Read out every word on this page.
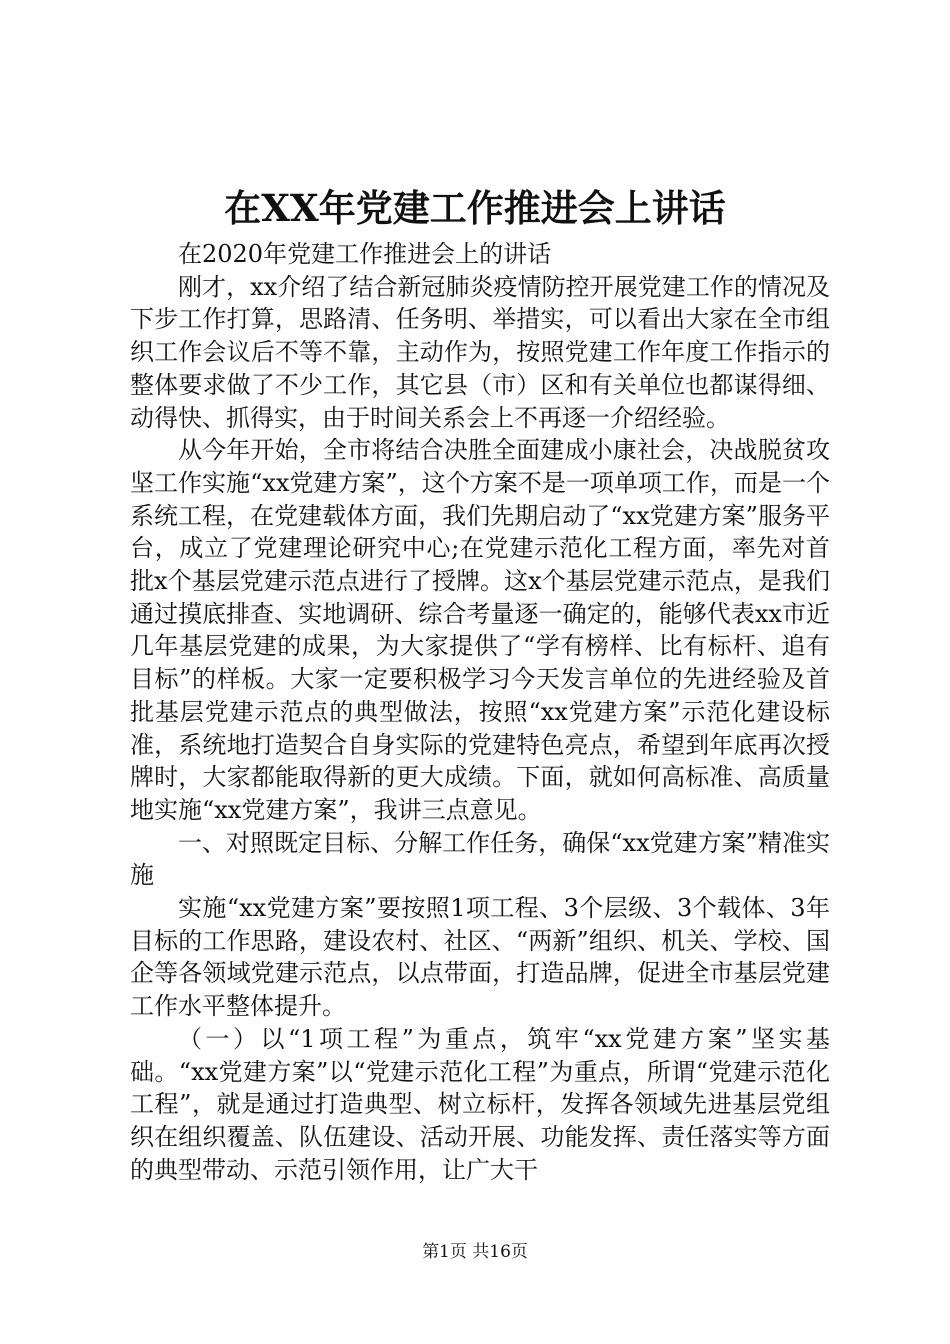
在XX年党建工作推进会上讲话

在2020年党建工作推进会上的讲话

刚才，xx介绍了结合新冠肺炎疫情防控开展党建工作的情况及下步工作打算，思路清、任务明、举措实，可以看出大家在全市组织工作会议后不等不靠，主动作为，按照党建工作年度工作指示的整体要求做了不少工作，其它县（市）区和有关单位也都谋得细、动得快、抓得实，由于时间关系会上不再逐一介绍经验。

从今年开始，全市将结合决胜全面建成小康社会，决战脱贫攻坚工作实施“xx党建方案”，这个方案不是一项单项工作，而是一个系统工程，在党建载体方面，我们先期启动了“xx党建方案”服务平台，成立了党建理论研究中心;在党建示范化工程方面，率先对首批x个基层党建示范点进行了授牌。这x个基层党建示范点，是我们通过摸底排查、实地调研、综合考量逐一确定的，能够代表xx市近几年基层党建的成果，为大家提供了“学有榜样、比有标杆、追有目标”的样板。大家一定要积极学习今天发言单位的先进经验及首批基层党建示范点的典型做法，按照“xx党建方案”示范化建设标准，系统地打造契合自身实际的党建特色亮点，希望到年底再次授牌时，大家都能取得新的更大成绩。下面，就如何高标准、高质量地实施“xx党建方案”，我讲三点意见。

一、对照既定目标、分解工作任务，确保“xx党建方案”精准实施

实施“xx党建方案”要按照1项工程、3个层级、3个载体、3年目标的工作思路，建设农村、社区、“两新”组织、机关、学校、国企等各领域党建示范点，以点带面，打造品牌，促进全市基层党建工作水平整体提升。

（一）以“1项工程”为重点，筑牢“xx党建方案”坚实基础。“xx党建方案”以“党建示范化工程”为重点，所谓“党建示范化工程”，就是通过打造典型、树立标杆，发挥各领域先进基层党组织在组织覆盖、队伍建设、活动开展、功能发挥、责任落实等方面的典型带动、示范引领作用，让广大干

第1页 共16页
